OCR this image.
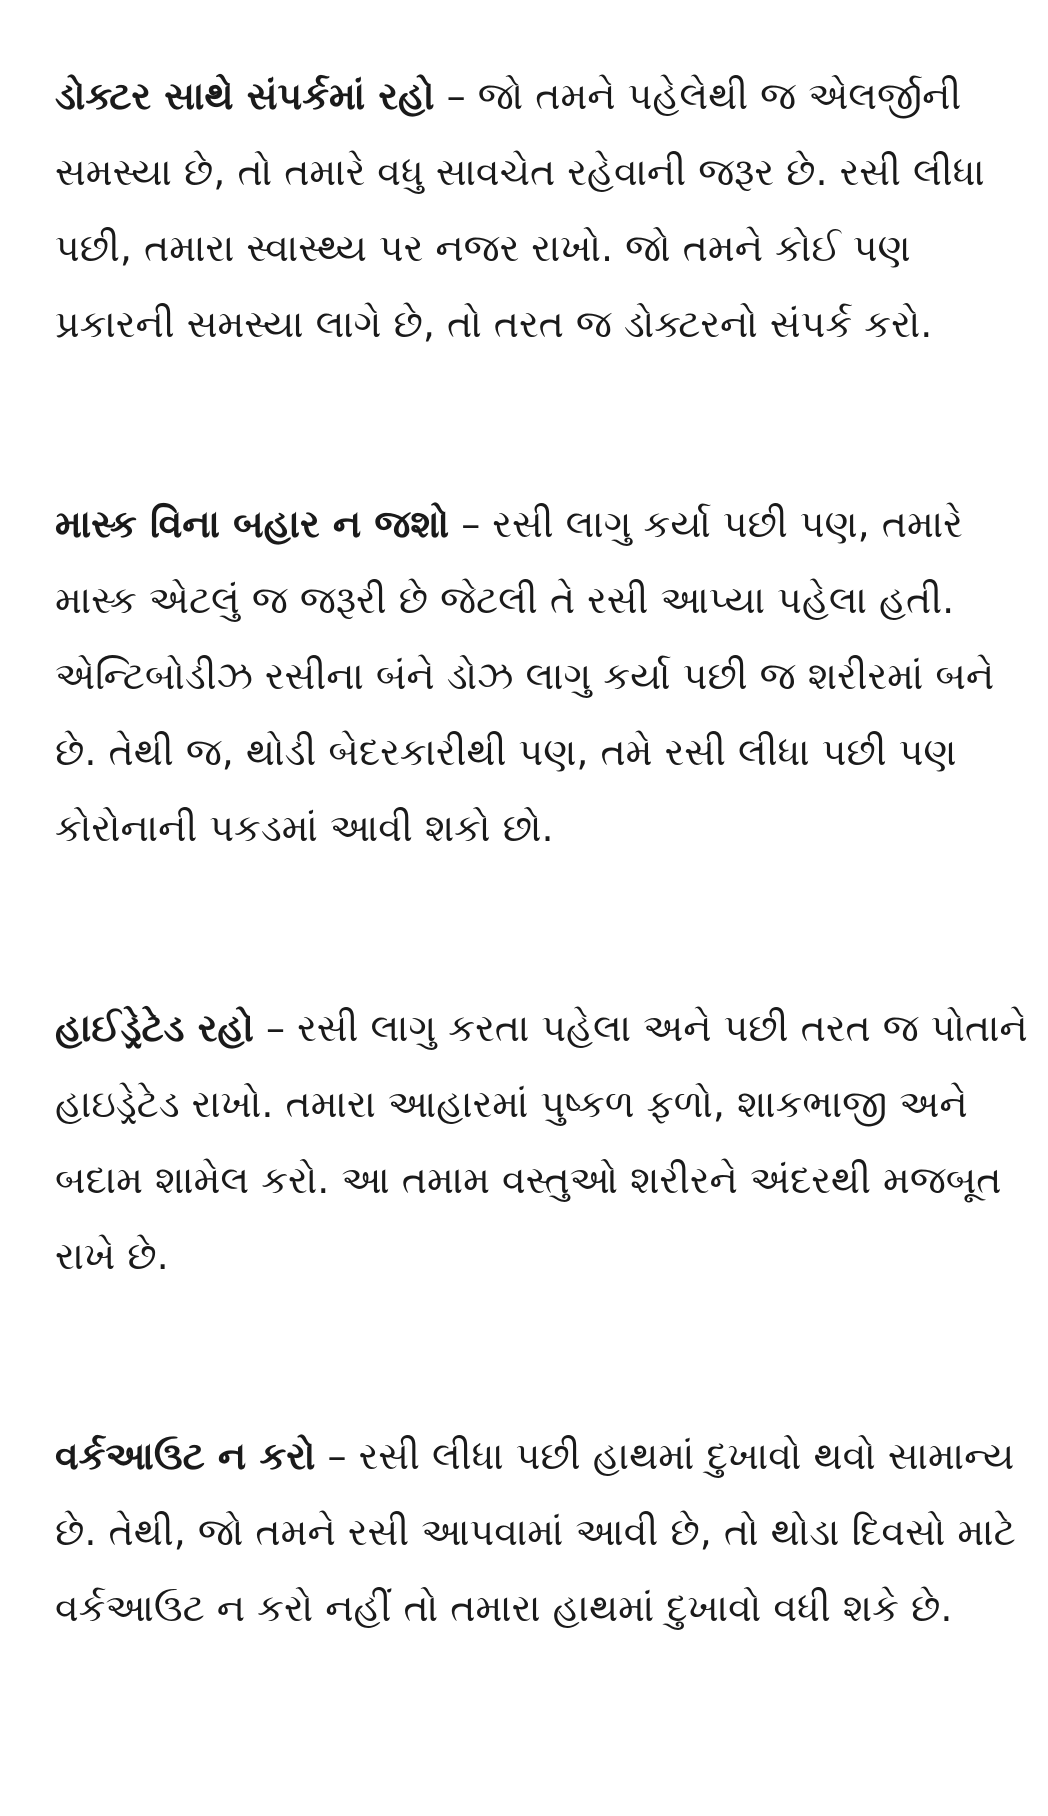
ડોક્ટર સાથે સંપર્કમાં રહો – જો તમને પહેલેથી જ એલર્જીની સમસ્યા છે, તો તમારે વધુ સાવચેત રહેવાની જરૂર છે. રસી લીધા પછી, તમારા સ્વાસ્થ્ય પર નજર રાખો. જો તમને કોઈ પણ પ્રકારની સમસ્યા લાગે છે, તો તરત જ ડોક્ટરનો સંપર્ક કરો.

માસ્ક વિના બહાર ન જશો – રસી લાગુ કર્યા પછી પણ, તમારે માસ્ક એટલું જ જરૂરી છે જેટલી તે રસી આપ્યા પહેલા હતી. એન્ટિબોડીઝ રસીના બંને ડોઝ લાગુ કર્યા પછી જ શરીરમાં બને છે. તેથી જ, થોડી બેદરકારીથી પણ, તમે રસી લીધા પછી પણ કોરોનાની પકડમાં આવી શકો છો.

હાઈડ્રેટેડ રહો – રસી લાગુ કરતા પહેલા અને પછી તરત જ પોતાને હાઇડ્રેટેડ રાખો. તમારા આહારમાં પુષ્કળ ફળો, શાકભાજી અને બદામ શામેલ કરો. આ તમામ વસ્તુઓ શરીરને અંદરથી મજબૂત રાખે છે.

વર્કઆઉટ ન કરો – રસી લીધા પછી હાથમાં દુખાવો થવો સામાન્ય છે. તેથી, જો તમને રસી આપવામાં આવી છે, તો થોડા દિવસો માટે વર્કઆઉટ ન કરો નહીં તો તમારા હાથમાં દુખાવો વધી શકે છે.
